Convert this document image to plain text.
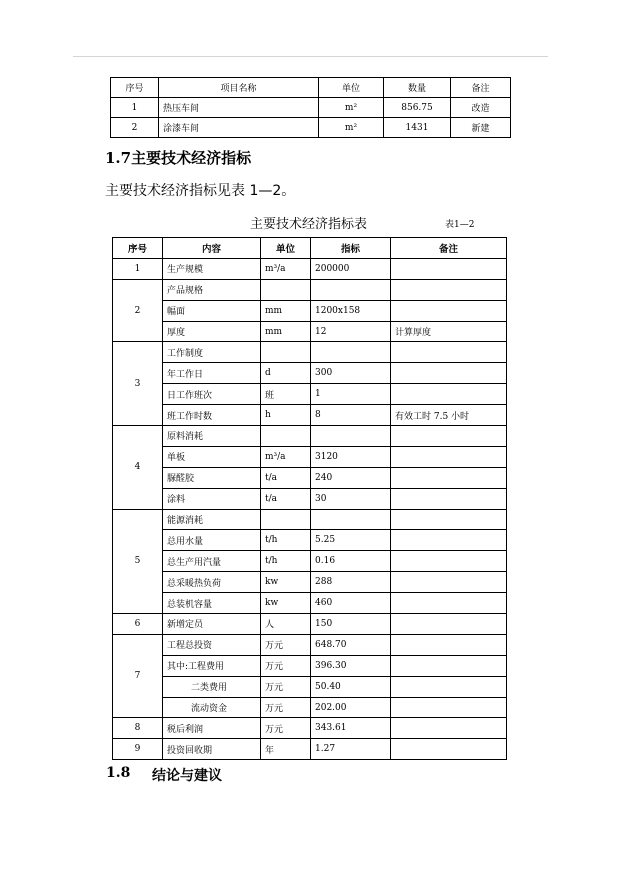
序号	项目名称	单位	数量	备注
1	热压车间	m²	856.75	改造
2	涂漆车间	m²	1431	新建
1.7主要技术经济指标

主要技术经济指标见表 1—2。

主要技术经济指标表	表1—2
序号	内容	单位	指标	备注
1	生产规模	m³/a	200000	
2	产品规格			
	幅面	mm	1200x158	
	厚度	mm	12	计算厚度
3	工作制度			
	年工作日	d	300	
	日工作班次	班	1	
	班工作时数	h	8	有效工时 7.5 小时
4	原料消耗			
	单板	m³/a	3120	
	脲醛胶	t/a	240	
	涂料	t/a	30	
5	能源消耗			
	总用水量	t/h	5.25	
	总生产用汽量	t/h	0.16	
	总采暖热负荷	kw	288	
	总装机容量	kw	460	
6	新增定员	人	150	
7	工程总投资	万元	648.70	
	其中:工程费用	万元	396.30	
	二类费用	万元	50.40	
	流动资金	万元	202.00	
8	税后利润	万元	343.61	
9	投资回收期	年	1.27	
1.8 结论与建议
